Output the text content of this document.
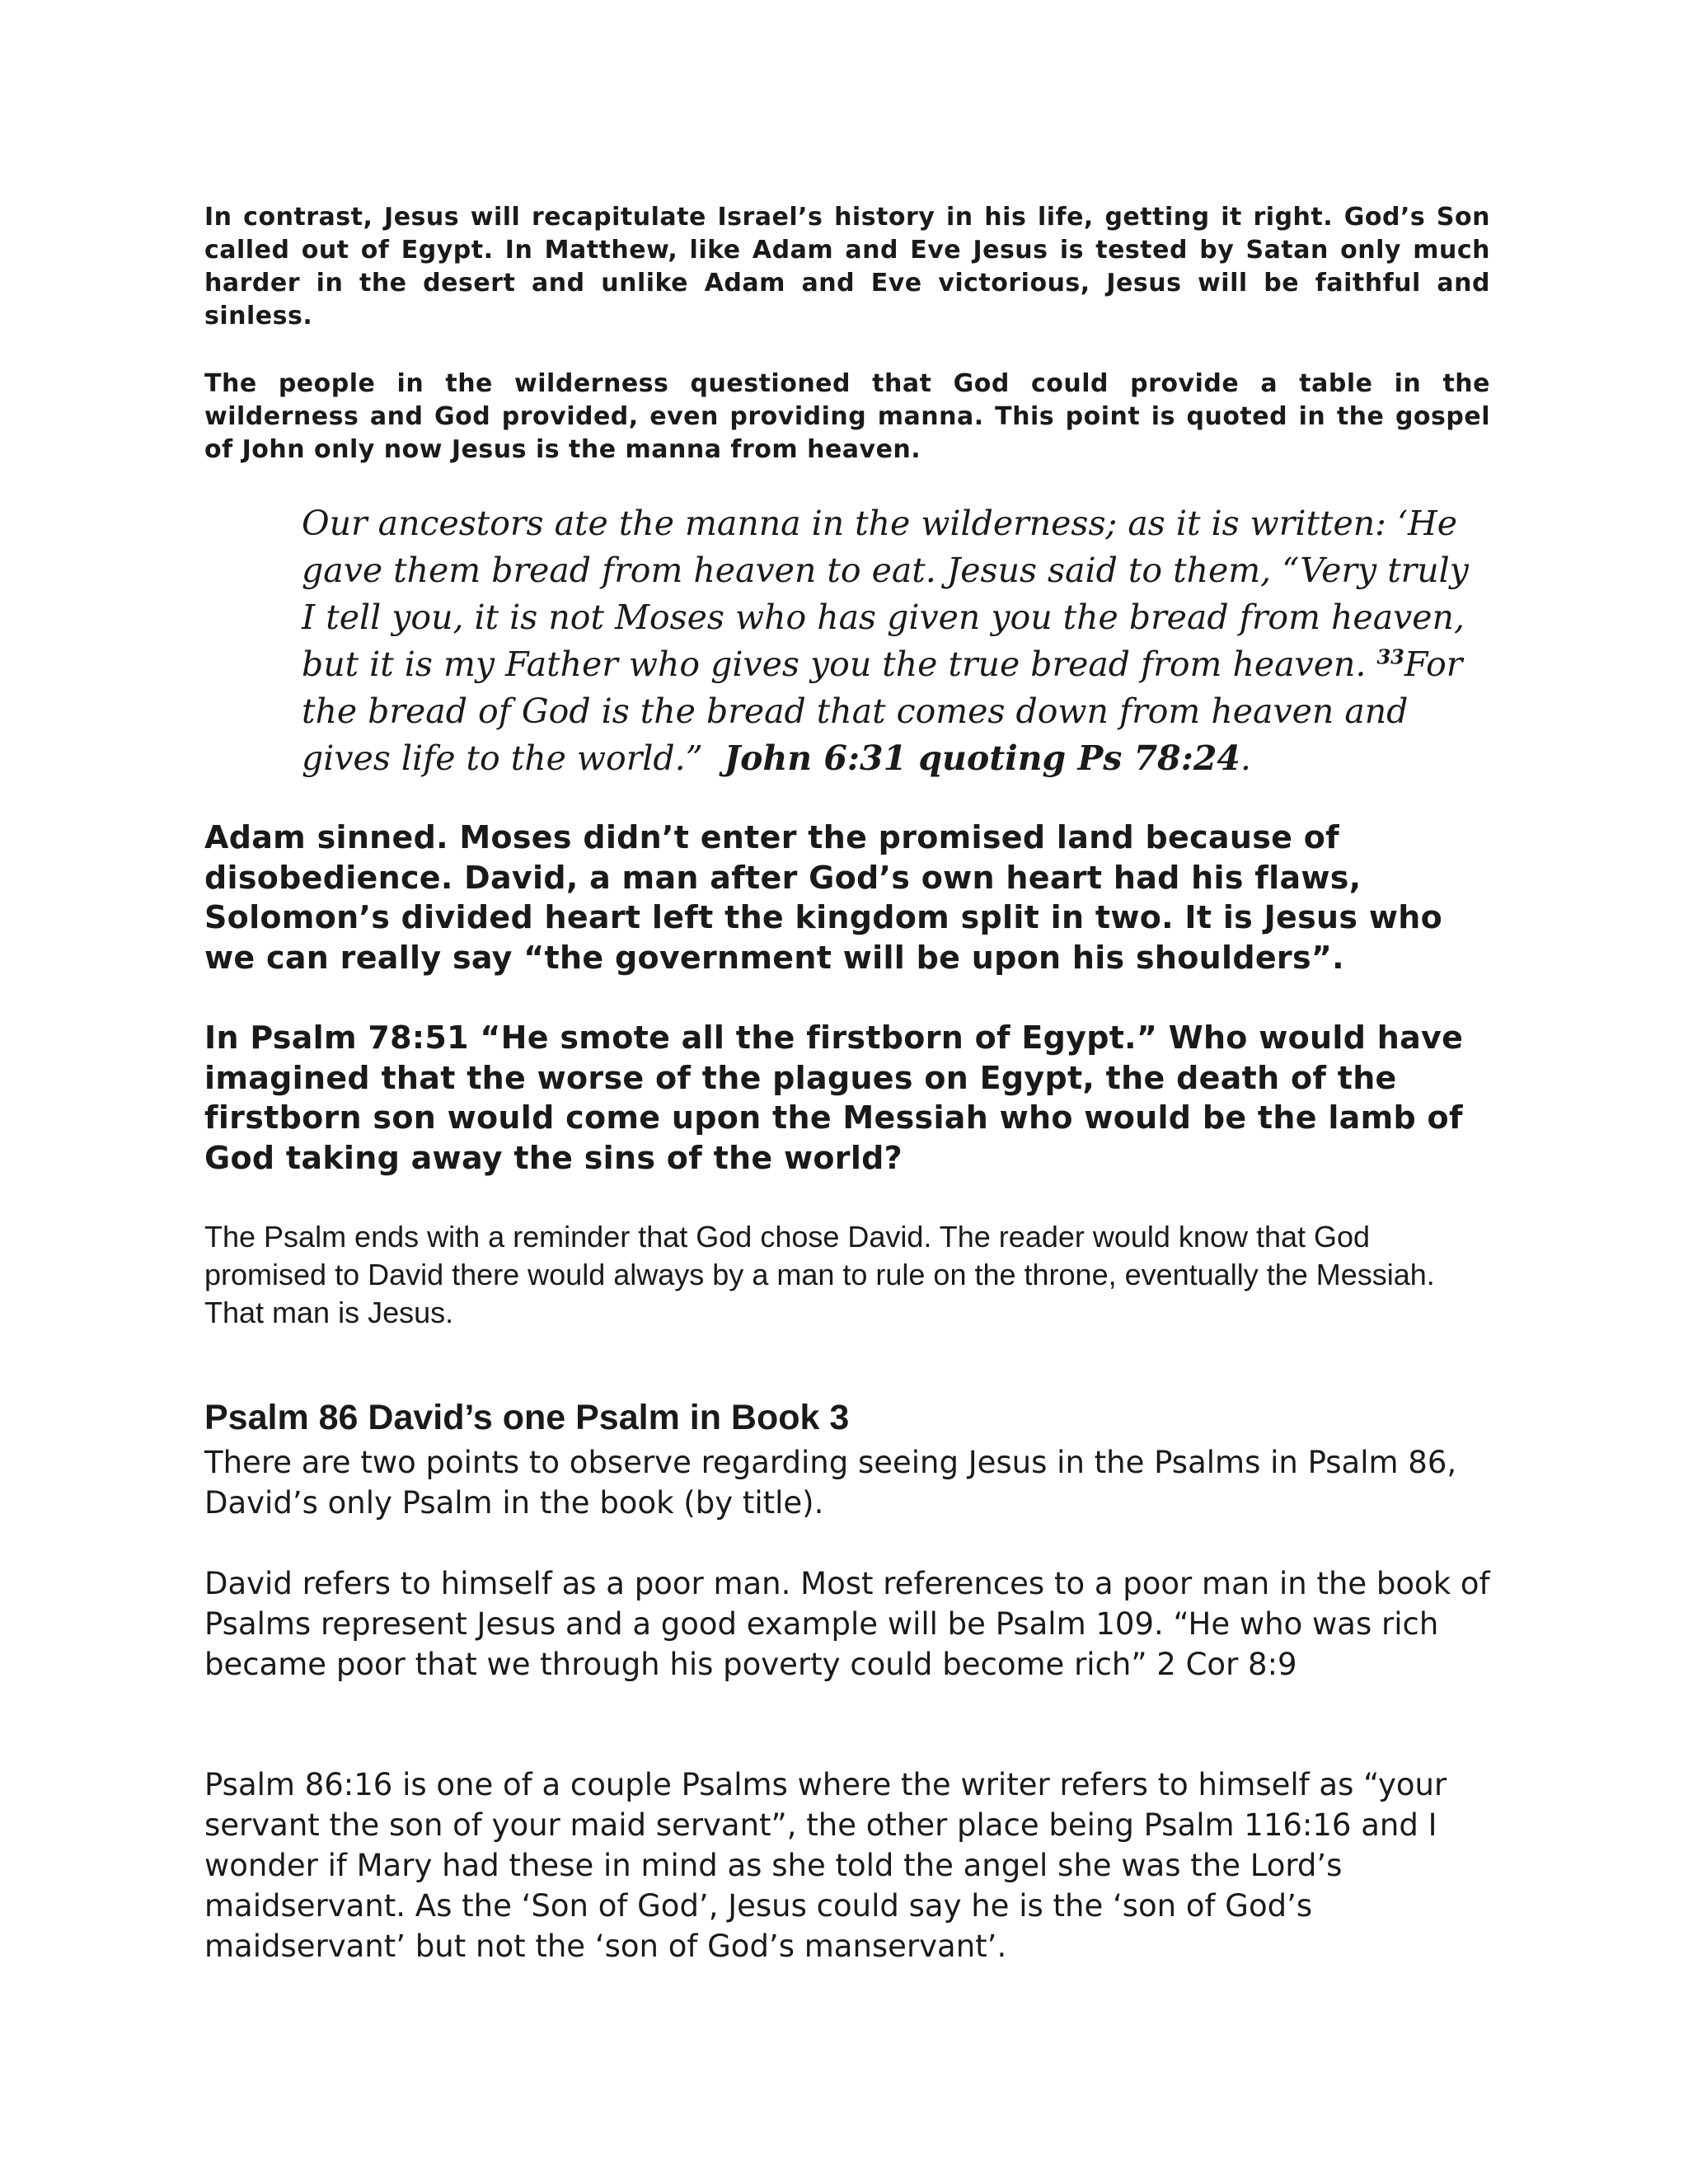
In contrast, Jesus will recapitulate Israel’s history in his life, getting it right. God’s Son called out of Egypt. In Matthew, like Adam and Eve Jesus is tested by Satan only much harder in the desert and unlike Adam and Eve victorious, Jesus will be faithful and sinless.

The people in the wilderness questioned that God could provide a table in the wilderness and God provided, even providing manna. This point is quoted in the gospel of John only now Jesus is the manna from heaven.

Our ancestors ate the manna in the wilderness; as it is written: ‘He gave them bread from heaven to eat. Jesus said to them, “Very truly I tell you, it is not Moses who has given you the bread from heaven, but it is my Father who gives you the true bread from heaven. $^{33}$For the bread of God is the bread that comes down from heaven and gives life to the world.” John 6:31 quoting Ps 78:24.

Adam sinned. Moses didn’t enter the promised land because of disobedience. David, a man after God’s own heart had his flaws, Solomon’s divided heart left the kingdom split in two. It is Jesus who we can really say “the government will be upon his shoulders”.

In Psalm 78:51 “He smote all the firstborn of Egypt.” Who would have imagined that the worse of the plagues on Egypt, the death of the firstborn son would come upon the Messiah who would be the lamb of God taking away the sins of the world?

The Psalm ends with a reminder that God chose David. The reader would know that God promised to David there would always by a man to rule on the throne, eventually the Messiah. That man is Jesus.

Psalm 86 David’s one Psalm in Book 3

There are two points to observe regarding seeing Jesus in the Psalms in Psalm 86, David’s only Psalm in the book (by title).

David refers to himself as a poor man. Most references to a poor man in the book of Psalms represent Jesus and a good example will be Psalm 109. “He who was rich became poor that we through his poverty could become rich” 2 Cor 8:9

Psalm 86:16 is one of a couple Psalms where the writer refers to himself as “your servant the son of your maid servant”, the other place being Psalm 116:16 and I wonder if Mary had these in mind as she told the angel she was the Lord’s maidservant. As the ‘Son of God’, Jesus could say he is the ‘son of God’s maidservant’ but not the ‘son of God’s manservant’.
